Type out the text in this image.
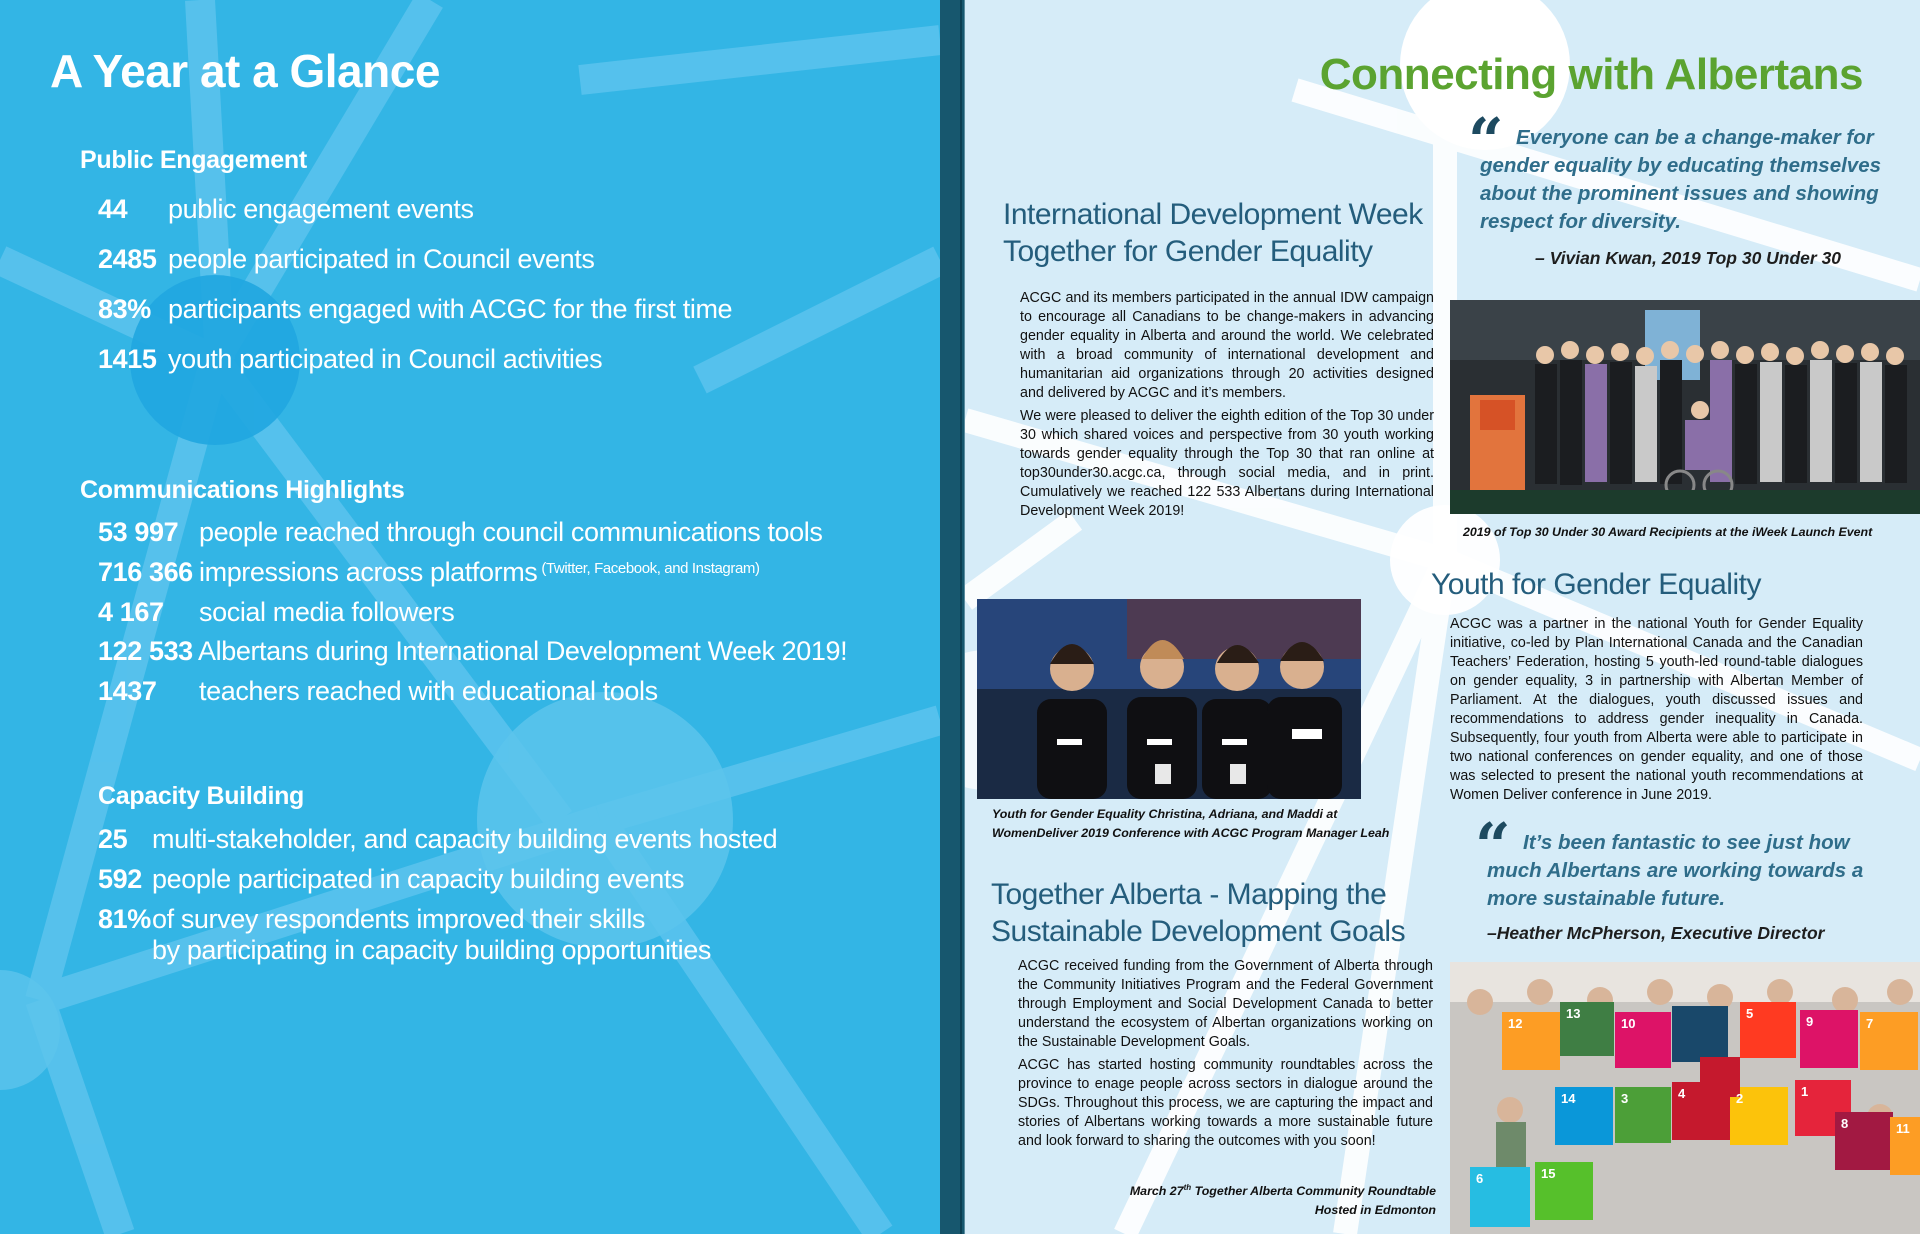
A Year at a Glance
Public Engagement
44 public engagement events
2485 people participated in Council events
83% participants engaged with ACGC for the first time
1415 youth participated in Council activities
Communications Highlights
53 997 people reached through council communications tools
716 366 impressions across platforms $^{(Twitter, Facebook, and Instagram)}$
4 167 social media followers
122 533 Albertans during International Development Week 2019!
1437 teachers reached with educational tools
Capacity Building
25 multi-stakeholder, and capacity building events hosted
592 people participated in capacity building events
81% of survey respondents improved their skills
by participating in capacity building opportunities
Connecting with Albertans
“ Everyone can be a change-maker for gender equality by educating themselves about the prominent issues and showing respect for diversity.
– Vivian Kwan, 2019 Top 30 Under 30
International Development Week
Together for Gender Equality

ACGC and its members participated in the annual IDW campaign to encourage all Canadians to be change-makers in advancing gender equality in Alberta and around the world. We celebrated with a broad community of international development and humanitarian aid organizations through 20 activities designed and delivered by ACGC and it’s members.

We were pleased to deliver the eighth edition of the Top 30 under 30 which shared voices and perspective from 30 youth working towards gender equality through the Top 30 that ran online at top30under30.acgc.ca, through social media, and in print. Cumulatively we reached 122 533 Albertans during International Development Week 2019!

2019 of Top 30 Under 30 Award Recipients at the iWeek Launch Event
Youth for Gender Equality

ACGC was a partner in the national Youth for Gender Equality initiative, co-led by Plan International Canada and the Canadian Teachers’ Federation, hosting 5 youth-led round-table dialogues on gender equality, 3 in partnership with Albertan Member of Parliament. At the dialogues, youth discussed issues and recommendations to address gender inequality in Canada. Subsequently, four youth from Alberta were able to participate in two national conferences on gender equality, and one of those was selected to present the national youth recommendations at Women Deliver conference in June 2019.

Youth for Gender Equality Christina, Adriana, and Maddi at
WomenDeliver 2019 Conference with ACGC Program Manager Leah “ It’s been fantastic to see just how much Albertans are working towards a more sustainable future.
–Heather McPherson, Executive Director
Together Alberta - Mapping the
Sustainable Development Goals

ACGC received funding from the Government of Alberta through the Community Initiatives Program and the Federal Government through Employment and Social Development Canada to better understand the ecosystem of Albertan organizations working on the Sustainable Development Goals.

ACGC has started hosting community roundtables across the province to enage people across sectors in dialogue around the SDGs. Throughout this process, we are capturing the impact and stories of Albertans working towards a more sustainable future and look forward to sharing the outcomes with you soon!

March 27th Together Alberta Community Roundtable
Hosted in Edmonton
12
13
10
5
9	7
14	3	4	2	1
8
6	15
11
